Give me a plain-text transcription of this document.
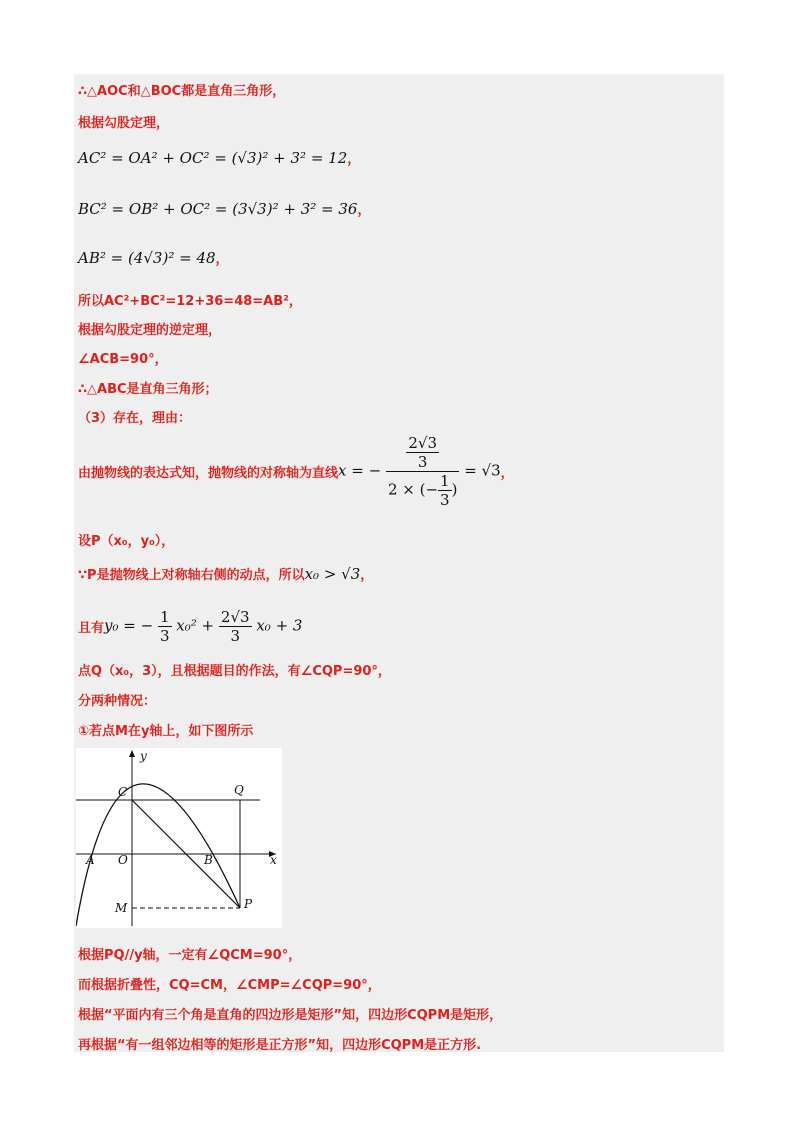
∴△AOC和△BOC都是直角三角形，
根据勾股定理，
AC² = OA² + OC² = (√3)² + 3² = 12，
BC² = OB² + OC² = (3√3)² + 3² = 36，
AB² = (4√3)² = 48，
所以AC²+BC²=12+36=48=AB²，
根据勾股定理的逆定理，
∠ACB=90°，
∴△ABC是直角三角形；
（3）存在，理由：
由抛物线的表达式知，抛物线的对称轴为直线x = − $\frac{\frac{2√3}{3}}{2 \times (- \frac{1}{3} )} = √3$，
设P（x₀，y₀），
∵P是抛物线上对称轴右侧的动点，所以x₀ > √3，
且有y₀ = − $\frac{1}{3} x_0^2 + \frac{2√3}{3} x_0 + 3$
点Q（x₀，3），且根据题目的作法，有∠CQP=90°，
分两种情况：
①若点M在y轴上，如下图所示
y
x
C	Q
A O	B
M	P
根据PQ//y轴，一定有∠QCM=90°，
而根据折叠性，CQ=CM，∠CMP=∠CQP=90°，
根据“平面内有三个角是直角的四边形是矩形”知，四边形CQPM是矩形，
再根据“有一组邻边相等的矩形是正方形”知，四边形CQPM是正方形.
